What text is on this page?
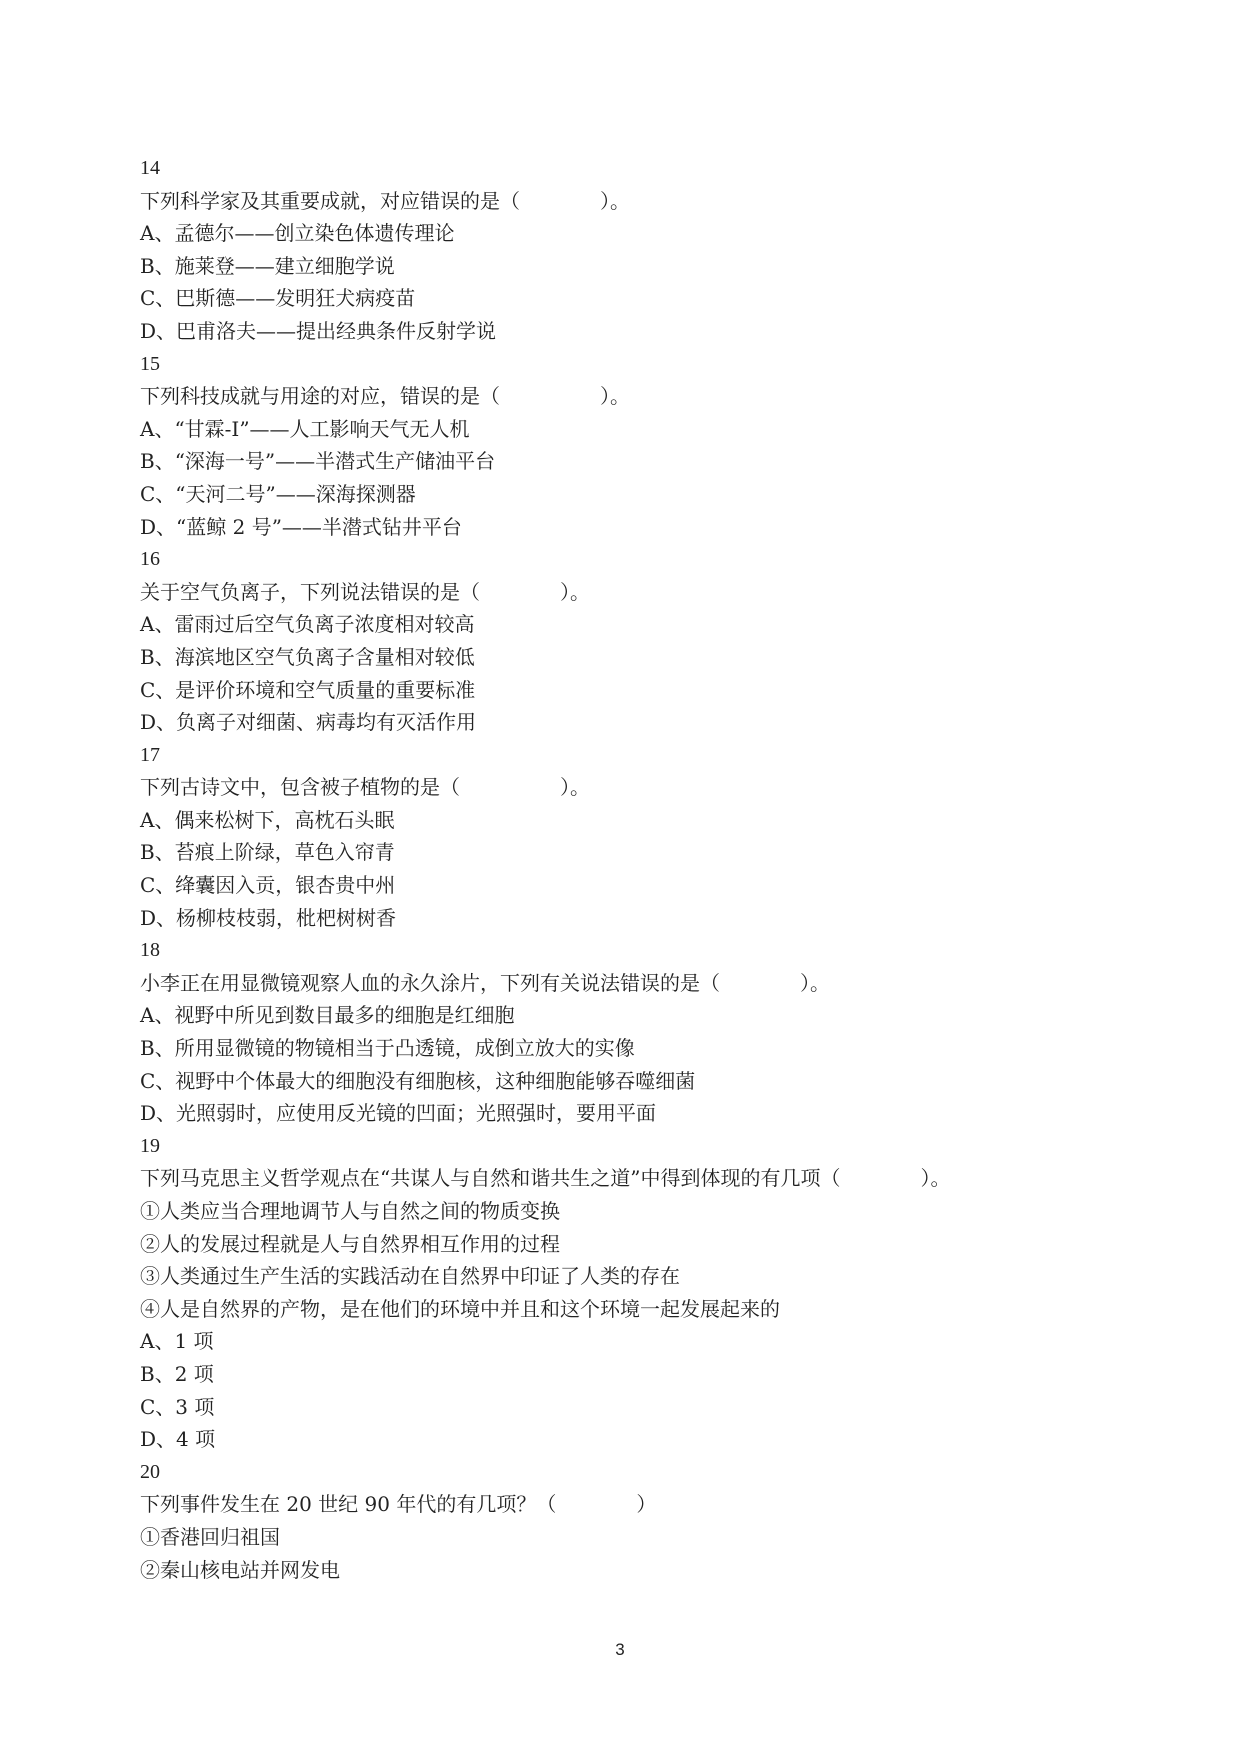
14
下列科学家及其重要成就，对应错误的是（　　　　）。
A、孟德尔——创立染色体遗传理论
B、施莱登——建立细胞学说
C、巴斯德——发明狂犬病疫苗
D、巴甫洛夫——提出经典条件反射学说
15
下列科技成就与用途的对应，错误的是（　　　　　）。
A、“甘霖-Ⅰ”——人工影响天气无人机
B、“深海一号”——半潜式生产储油平台
C、“天河二号”——深海探测器
D、“蓝鲸 2 号”——半潜式钻井平台
16
关于空气负离子，下列说法错误的是（　　　　）。
A、雷雨过后空气负离子浓度相对较高
B、海滨地区空气负离子含量相对较低
C、是评价环境和空气质量的重要标准
D、负离子对细菌、病毒均有灭活作用
17
下列古诗文中，包含被子植物的是（　　　　　）。
A、偶来松树下，高枕石头眠
B、苔痕上阶绿，草色入帘青
C、绛囊因入贡，银杏贵中州
D、杨柳枝枝弱，枇杷树树香
18
小李正在用显微镜观察人血的永久涂片，下列有关说法错误的是（　　　　）。
A、视野中所见到数目最多的细胞是红细胞
B、所用显微镜的物镜相当于凸透镜，成倒立放大的实像
C、视野中个体最大的细胞没有细胞核，这种细胞能够吞噬细菌
D、光照弱时，应使用反光镜的凹面；光照强时，要用平面
19
下列马克思主义哲学观点在“共谋人与自然和谐共生之道”中得到体现的有几项（　　　　）。
①人类应当合理地调节人与自然之间的物质变换
②人的发展过程就是人与自然界相互作用的过程
③人类通过生产生活的实践活动在自然界中印证了人类的存在
④人是自然界的产物，是在他们的环境中并且和这个环境一起发展起来的
A、1 项
B、2 项
C、3 项
D、4 项
20
下列事件发生在 20 世纪 90 年代的有几项？（　　　　）
①香港回归祖国
②秦山核电站并网发电
3
